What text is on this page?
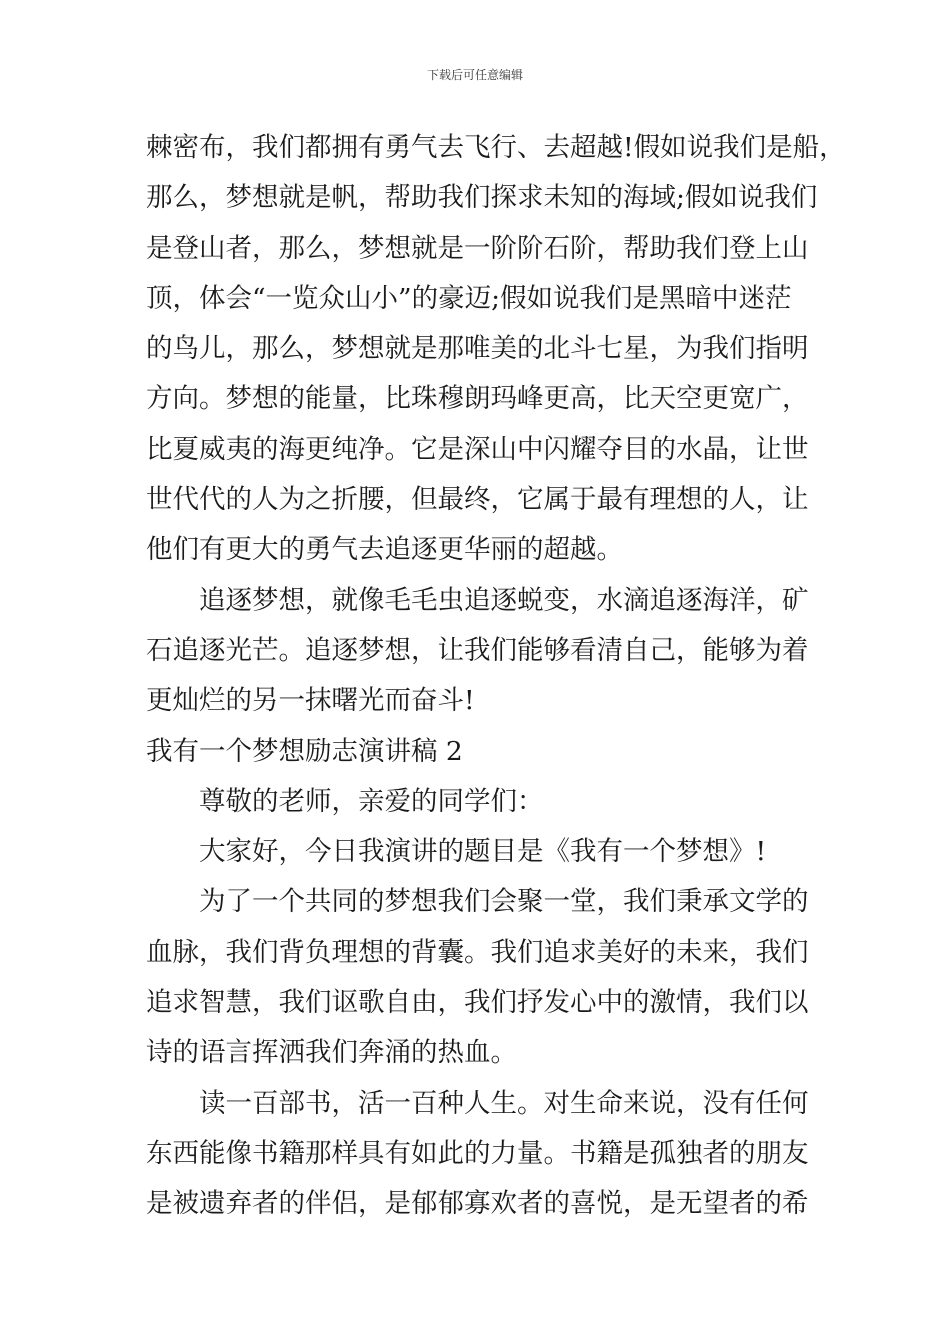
下载后可任意编辑
棘密布，我们都拥有勇气去飞行、去超越!假如说我们是船，
那么，梦想就是帆，帮助我们探求未知的海域;假如说我们
是登山者，那么，梦想就是一阶阶石阶，帮助我们登上山
顶，体会“一览众山小”的豪迈;假如说我们是黑暗中迷茫
的鸟儿，那么，梦想就是那唯美的北斗七星，为我们指明
方向。梦想的能量，比珠穆朗玛峰更高，比天空更宽广，
比夏威夷的海更纯净。它是深山中闪耀夺目的水晶，让世
世代代的人为之折腰，但最终，它属于最有理想的人，让
他们有更大的勇气去追逐更华丽的超越。
追逐梦想，就像毛毛虫追逐蜕变，水滴追逐海洋，矿
石追逐光芒。追逐梦想，让我们能够看清自己，能够为着
更灿烂的另一抹曙光而奋斗!
我有一个梦想励志演讲稿 2
尊敬的老师，亲爱的同学们：
大家好，今日我演讲的题目是《我有一个梦想》!
为了一个共同的梦想我们会聚一堂，我们秉承文学的
血脉，我们背负理想的背囊。我们追求美好的未来，我们
追求智慧，我们讴歌自由，我们抒发心中的激情，我们以
诗的语言挥洒我们奔涌的热血。
读一百部书，活一百种人生。对生命来说，没有任何
东西能像书籍那样具有如此的力量。书籍是孤独者的朋友
是被遗弃者的伴侣，是郁郁寡欢者的喜悦，是无望者的希
